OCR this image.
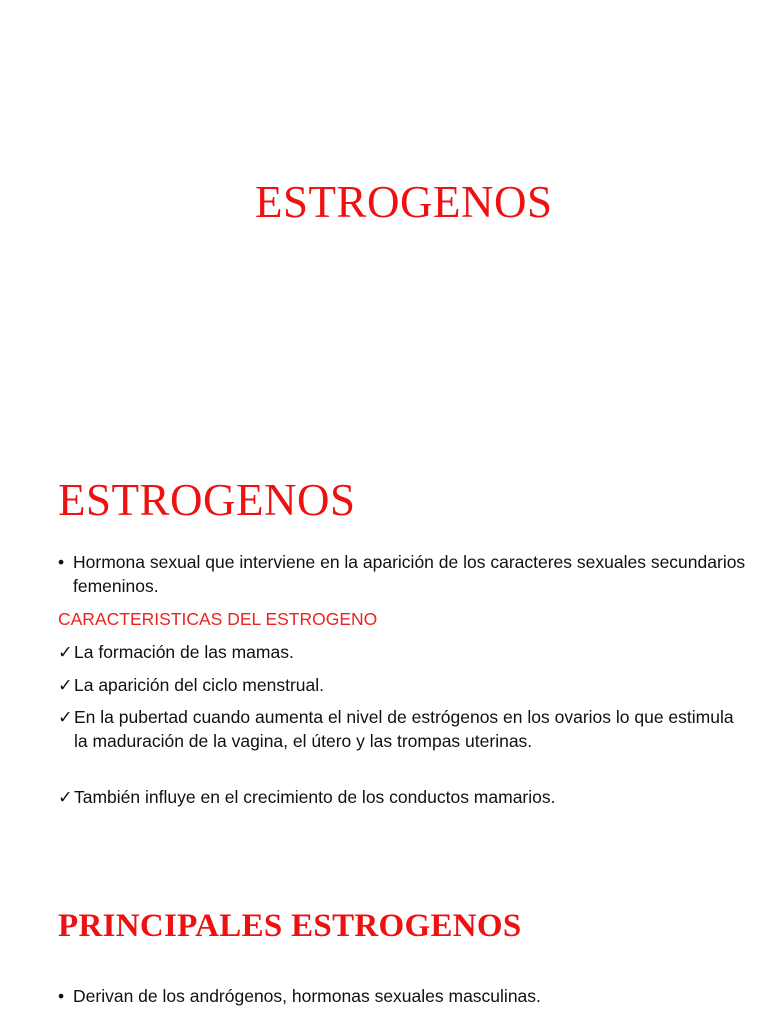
ESTROGENOS
ESTROGENOS
• Hormona sexual que interviene en la aparición de los caracteres sexuales secundarios femeninos.
CARACTERISTICAS DEL ESTROGENO
✓ La formación de las mamas.
✓ La aparición del ciclo menstrual.
✓ En la pubertad cuando aumenta el nivel de estrógenos en los ovarios lo que estimula la maduración de la vagina, el útero y las trompas uterinas.
✓ También influye en el crecimiento de los conductos mamarios.
PRINCIPALES ESTROGENOS
• Derivan de los andrógenos, hormonas sexuales masculinas.
